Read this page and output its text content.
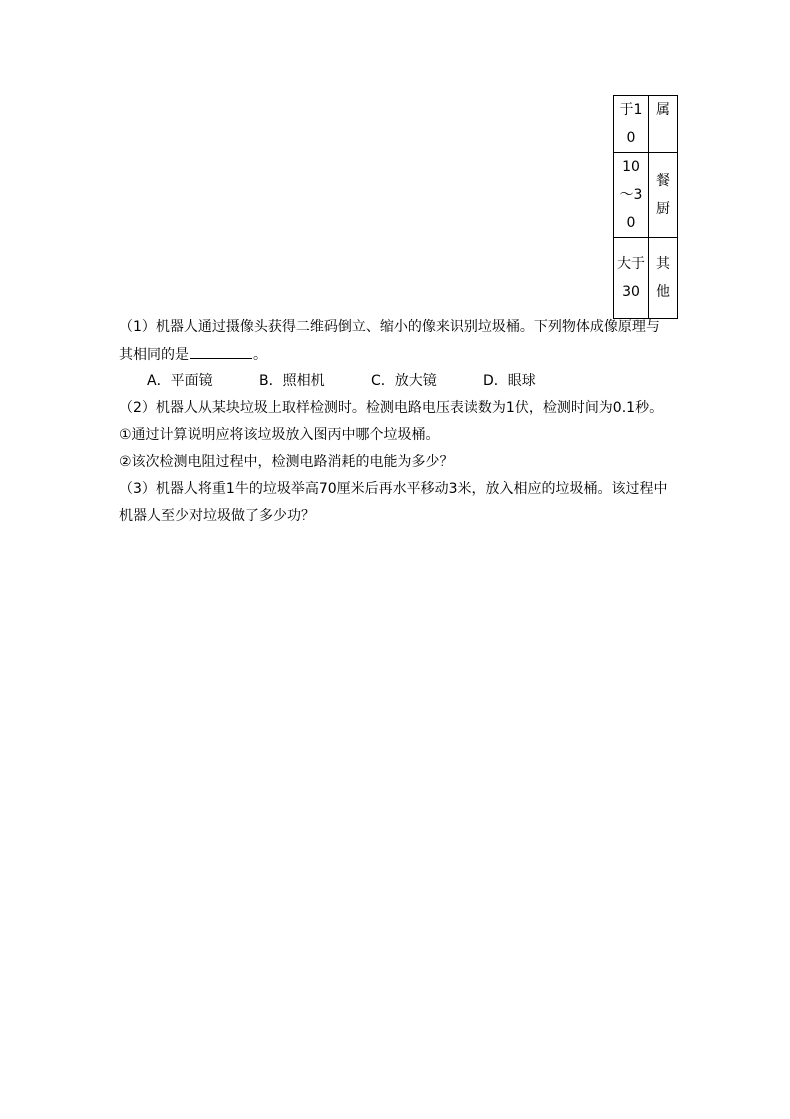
于10	属

10～30	餐厨

大于30	其他
（1）机器人通过摄像头获得二维码倒立、缩小的像来识别垃圾桶。下列物体成像原理与
其相同的是	。
A．平面镜	B．照相机	C．放大镜	D．眼球
（2）机器人从某块垃圾上取样检测时。检测电路电压表读数为1伏，检测时间为0.1秒。
①通过计算说明应将该垃圾放入图丙中哪个垃圾桶。
②该次检测电阻过程中，检测电路消耗的电能为多少？
（3）机器人将重1牛的垃圾举高70厘米后再水平移动3米，放入相应的垃圾桶。该过程中
机器人至少对垃圾做了多少功？
